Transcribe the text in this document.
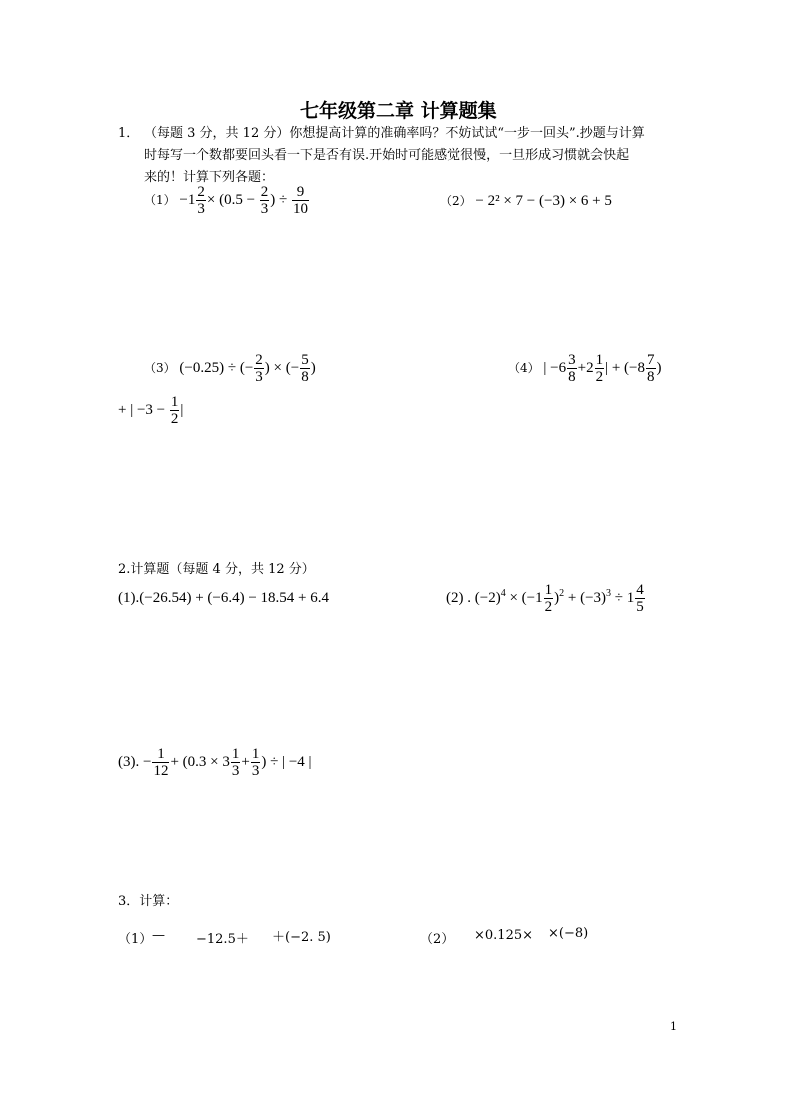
七年级第二章 计算题集
1． （每题 3 分，共 12 分）你想提高计算的准确率吗？不妨试试“一步一回头”.抄题与计算
时每写一个数都要回头看一下是否有误.开始时可能感觉很慢，一旦形成习惯就会快起
来的！计算下列各题：
$(1) -1 \frac{2}{3} \times (0.5 - \frac{2}{3}$ ) ÷ $\frac{9}{10}$	（2） − 2² × 7 − (−3) × 6 + 5
（3） (−0.25) ÷ (− $\frac{2}{3}$ ) × (− $\frac{5}{8}$ )	（4） | $-6 \frac{3}{8} +2 \frac{1}{2}$ | + ($-8 \frac{7}{8}$ )
+ | $-3 - \frac{1}{2}$ |
2.计算题（每题 4 分，共 12 分）
(1).(−26.54) + (−6.4) − 18.54 + 6.4	(2) . $(-2)^4 \times (-1 \frac{1}{2} )^2 + (-3)^3 \div 1 \frac{4}{5}$
(3). − $\frac{1}{12} + (0.3 \times 3 \frac{1}{3} + \frac{1}{3}$ ) ÷ | −4 |
3．计算：
（1） — −12.5＋ ＋(−2. 5)	（2） ×0.125× ×(−8)
1
